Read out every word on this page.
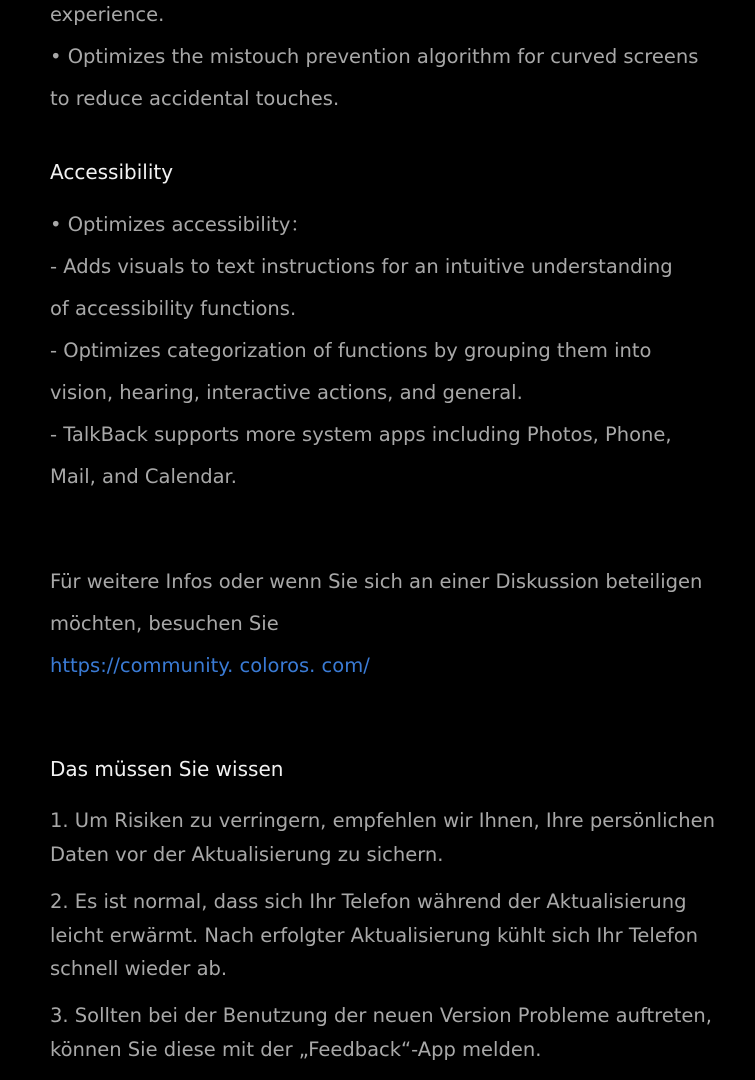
experience.
• Optimizes the mistouch prevention algorithm for curved screens
to reduce accidental touches.
Accessibility
• Optimizes accessibility：
- Adds visuals to text instructions for an intuitive understanding
of accessibility functions.
- Optimizes categorization of functions by grouping them into
vision, hearing, interactive actions, and general.
- TalkBack supports more system apps including Photos, Phone,
Mail, and Calendar.
Für weitere Infos oder wenn Sie sich an einer Diskussion beteiligen
möchten, besuchen Sie
https://community. coloros. com/
Das müssen Sie wissen
1. Um Risiken zu verringern, empfehlen wir Ihnen, Ihre persönlichen
Daten vor der Aktualisierung zu sichern.
2. Es ist normal, dass sich Ihr Telefon während der Aktualisierung
leicht erwärmt. Nach erfolgter Aktualisierung kühlt sich Ihr Telefon
schnell wieder ab.
3. Sollten bei der Benutzung der neuen Version Probleme auftreten,
können Sie diese mit der „Feedback“-App melden.
